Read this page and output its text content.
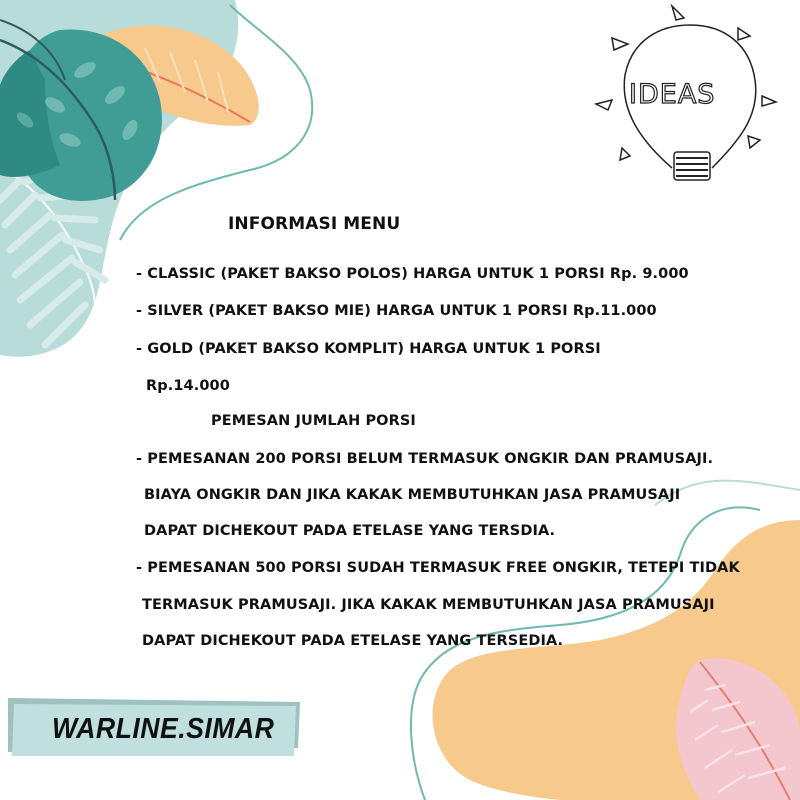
IDEAS
INFORMASI MENU
- CLASSIC (PAKET BAKSO POLOS) HARGA UNTUK 1 PORSI Rp. 9.000
- SILVER (PAKET BAKSO MIE) HARGA UNTUK 1 PORSI Rp.11.000
- GOLD (PAKET BAKSO KOMPLIT) HARGA UNTUK 1 PORSI
Rp.14.000
PEMESAN JUMLAH PORSI
- PEMESANAN 200 PORSI BELUM TERMASUK ONGKIR DAN PRAMUSAJI.
BIAYA ONGKIR DAN JIKA KAKAK MEMBUTUHKAN JASA PRAMUSAJI
DAPAT DICHEKOUT PADA ETELASE YANG TERSDIA.
- PEMESANAN 500 PORSI SUDAH TERMASUK FREE ONGKIR, TETEPI TIDAK
TERMASUK PRAMUSAJI. JIKA KAKAK MEMBUTUHKAN JASA PRAMUSAJI
DAPAT DICHEKOUT PADA ETELASE YANG TERSEDIA.
WARLINE.SIMAR
